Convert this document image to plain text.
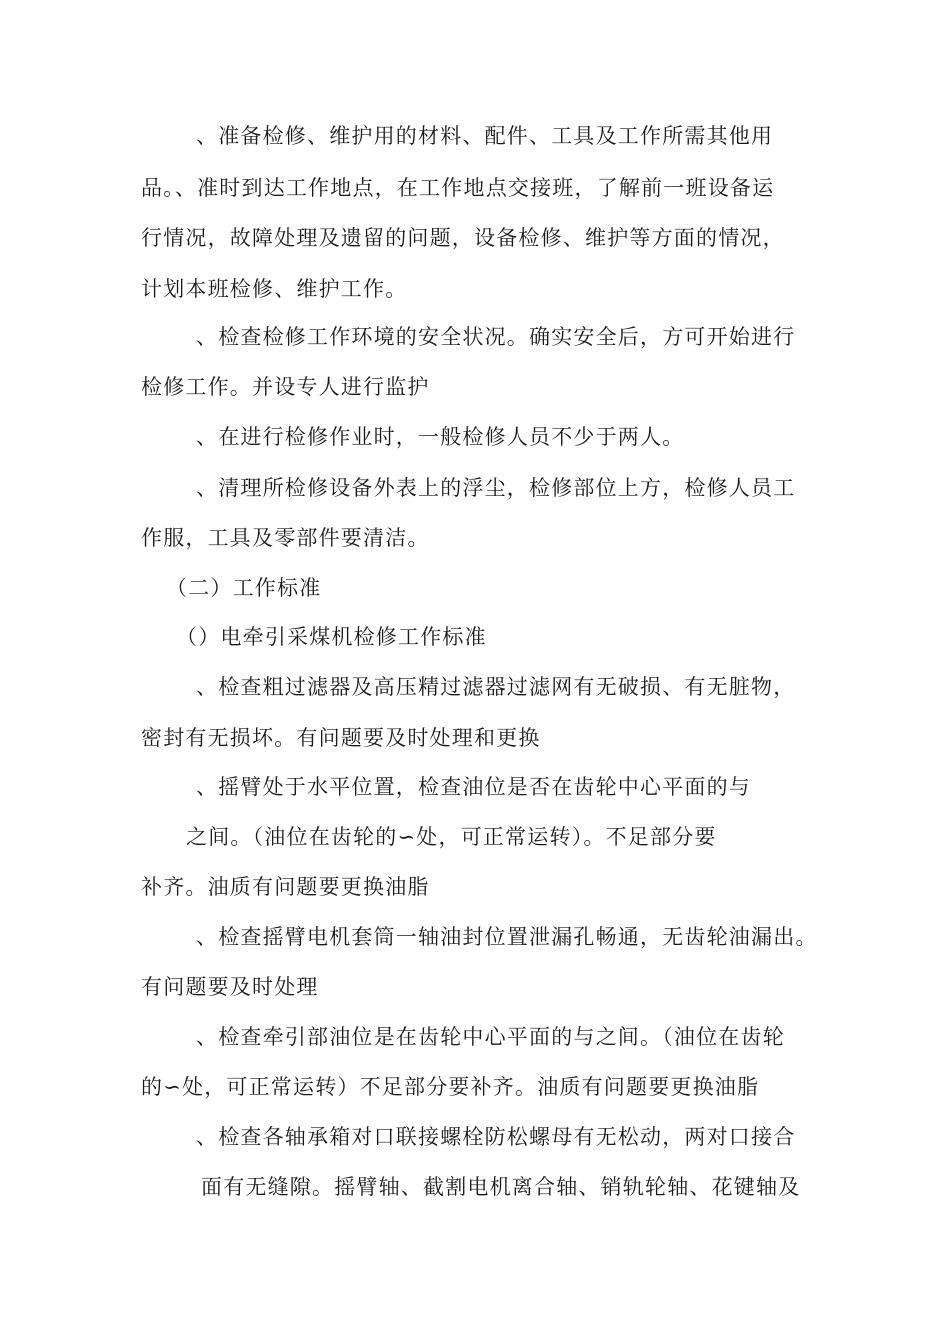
、准备检修、维护用的材料、配件、工具及工作所需其他用
品。、准时到达工作地点，在工作地点交接班，了解前一班设备运
行情况，故障处理及遗留的问题，设备检修、维护等方面的情况，
计划本班检修、维护工作。
、检查检修工作环境的安全状况。确实安全后，方可开始进行
检修工作。并设专人进行监护
、在进行检修作业时，一般检修人员不少于两人。
、清理所检修设备外表上的浮尘，检修部位上方，检修人员工
作服，工具及零部件要清洁。
（二）工作标准
（）电牵引采煤机检修工作标准
、检查粗过滤器及高压精过滤器过滤网有无破损、有无脏物，
密封有无损坏。有问题要及时处理和更换
、摇臂处于水平位置，检查油位是否在齿轮中心平面的与
之间。（油位在齿轮的∽处，可正常运转）。不足部分要
补齐。油质有问题要更换油脂
、检查摇臂电机套筒一轴油封位置泄漏孔畅通，无齿轮油漏出。
有问题要及时处理
、检查牵引部油位是在齿轮中心平面的与之间。（油位在齿轮
的∽处，可正常运转）不足部分要补齐。油质有问题要更换油脂
、检查各轴承箱对口联接螺栓防松螺母有无松动，两对口接合
面有无缝隙。摇臂轴、截割电机离合轴、销轨轮轴、花键轴及
